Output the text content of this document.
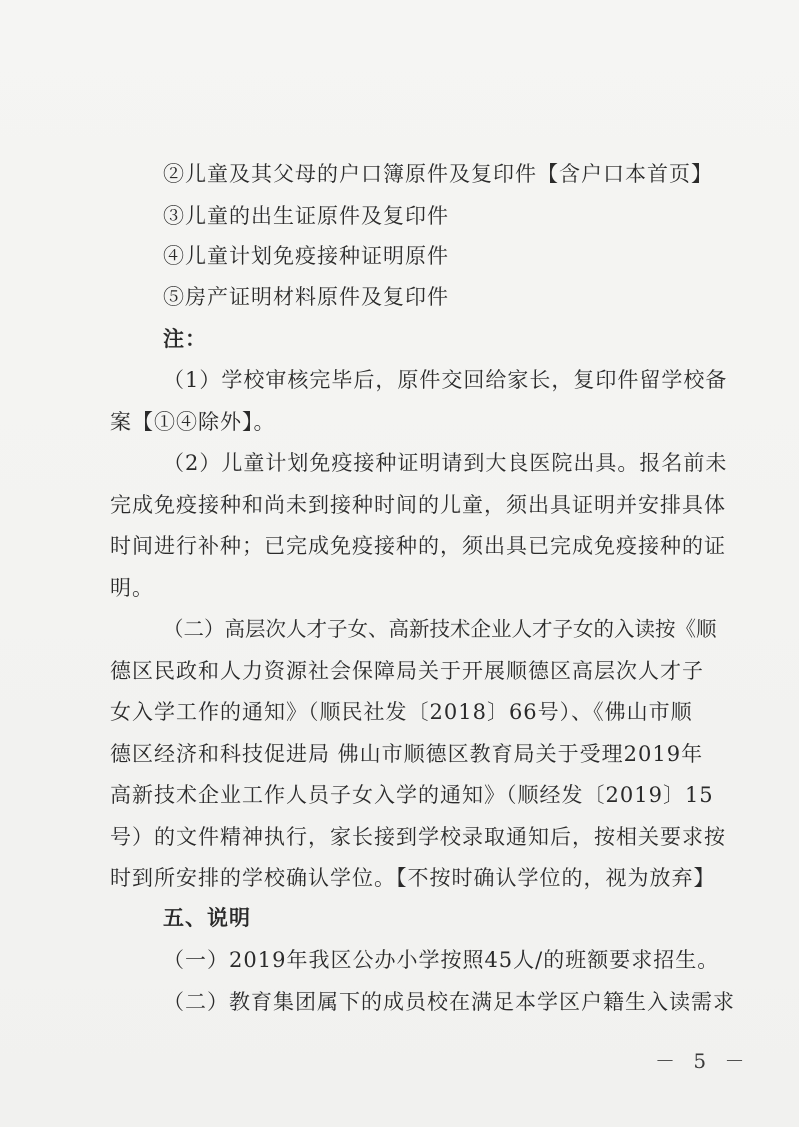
②儿童及其父母的户口簿原件及复印件【含户口本首页】
③儿童的出生证原件及复印件
④儿童计划免疫接种证明原件
⑤房产证明材料原件及复印件
注：
（1）学校审核完毕后，原件交回给家长，复印件留学校备
案【①④除外】。
（2）儿童计划免疫接种证明请到大良医院出具。报名前未
完成免疫接种和尚未到接种时间的儿童，须出具证明并安排具体
时间进行补种；已完成免疫接种的，须出具已完成免疫接种的证
明。
（二）高层次人才子女、高新技术企业人才子女的入读按《顺
德区民政和人力资源社会保障局关于开展顺德区高层次人才子
女入学工作的通知》（顺民社发〔2018〕66号）、《佛山市顺
德区经济和科技促进局 佛山市顺德区教育局关于受理2019年
高新技术企业工作人员子女入学的通知》（顺经发〔2019〕15
号）的文件精神执行，家长接到学校录取通知后，按相关要求按
时到所安排的学校确认学位。【不按时确认学位的，视为放弃】
五、说明
（一）2019年我区公办小学按照45人/的班额要求招生。
（二）教育集团属下的成员校在满足本学区户籍生入读需求
－ 5 －
